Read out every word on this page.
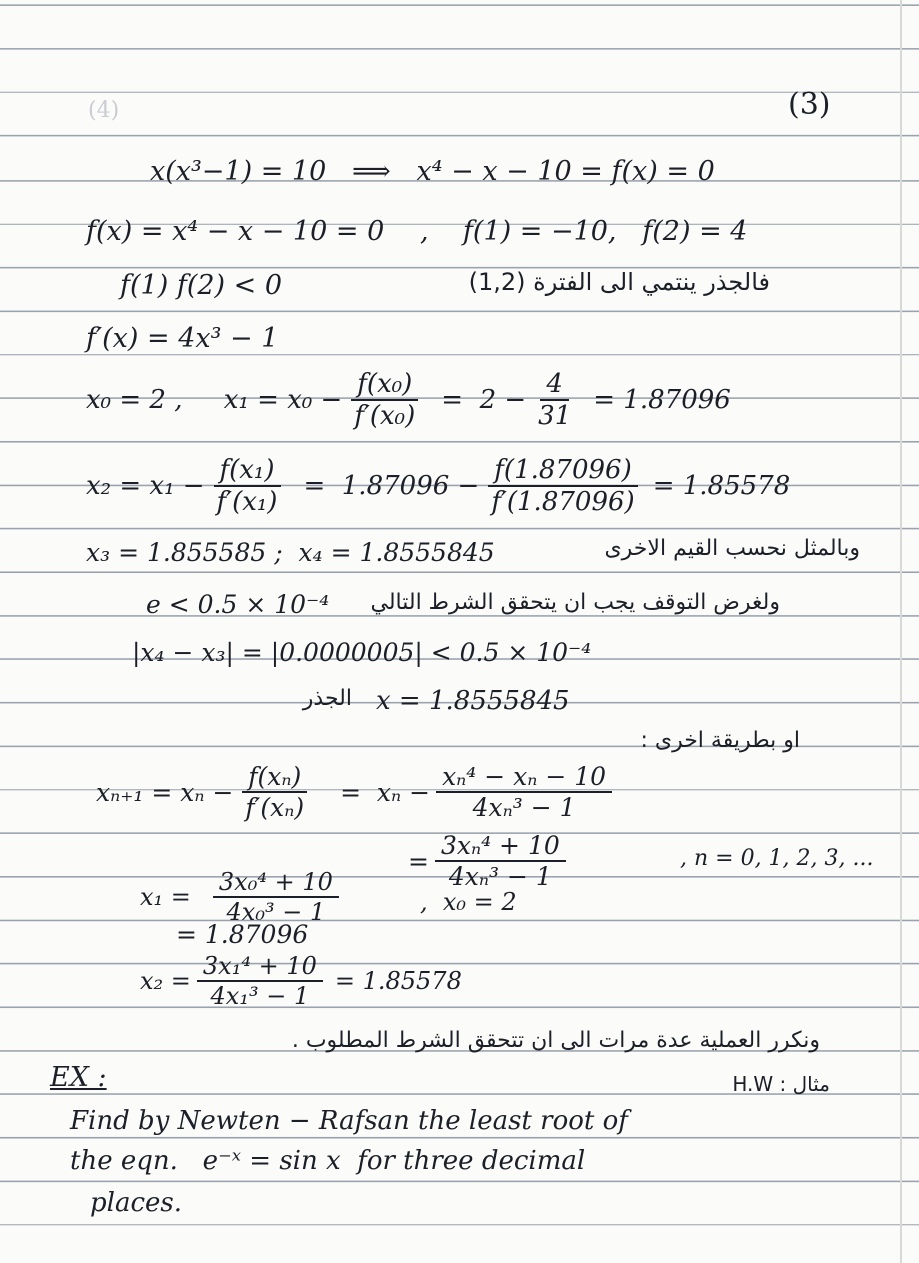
(4)	(3)
x(x³−1) = 10   ⟹   x⁴ − x − 10 = f(x) = 0
f(x) = x⁴ − x − 10 = 0 ,    f(1) = −10,   f(2) = 4
f(1) f(2) < 0	فالجذر ينتمي الى الفترة (1,2)
f′(x) = 4x³ − 1
x₀ = 2 ,     $x_1 = x_0 - \frac{\text{f(x₀)}}{\text{f′(x₀)}} = 2 - \frac{4}{31} = 1.87096$
$x_2 = x_1 - \frac{\text{f(x₁)}}{\text{f′(x₁)}} = 1.87096 - \frac{f(1.87096)}{f'(1.87096)} = 1.85578$
x₃ = 1.855585 ;  x₄ = 1.8555845	وبالمثل نحسب القيم الاخرى
e < 0.5 × 10⁻⁴ ولغرض التوقف يجب ان يتحقق الشرط التالي
|x₄ − x₃| = |0.0000005| < 0.5 × 10⁻⁴
الجذر x = 1.8555845
او بطريقة اخرى :
$x_{n+1} = x_n - \frac{\text{f(xₙ)}}{\text{f′(xₙ)}} = x_n - \frac{\text{xₙ⁴ − xₙ − 10}}{\text{4xₙ³ − 1}}$
= $\frac{\text{3xₙ⁴ + 10}}{\text{4xₙ³ − 1}}$	, n = 0, 1, 2, 3, ...
$x_1 = \frac{\text{3x₀⁴ + 10}}{\text{4x₀³ − 1}}$	,  x₀ = 2
= 1.87096
$x_2 = \frac{\text{3x₁⁴ + 10}}{\text{4x₁³ − 1}} = 1.85578$
ونكرر العملية عدة مرات الى ان تتحقق الشرط المطلوب .
EX :	مثال : H.W
Find by Newten − Rafsan the least root of
the eqn.   e⁻ˣ = sin x  for three decimal
places.
